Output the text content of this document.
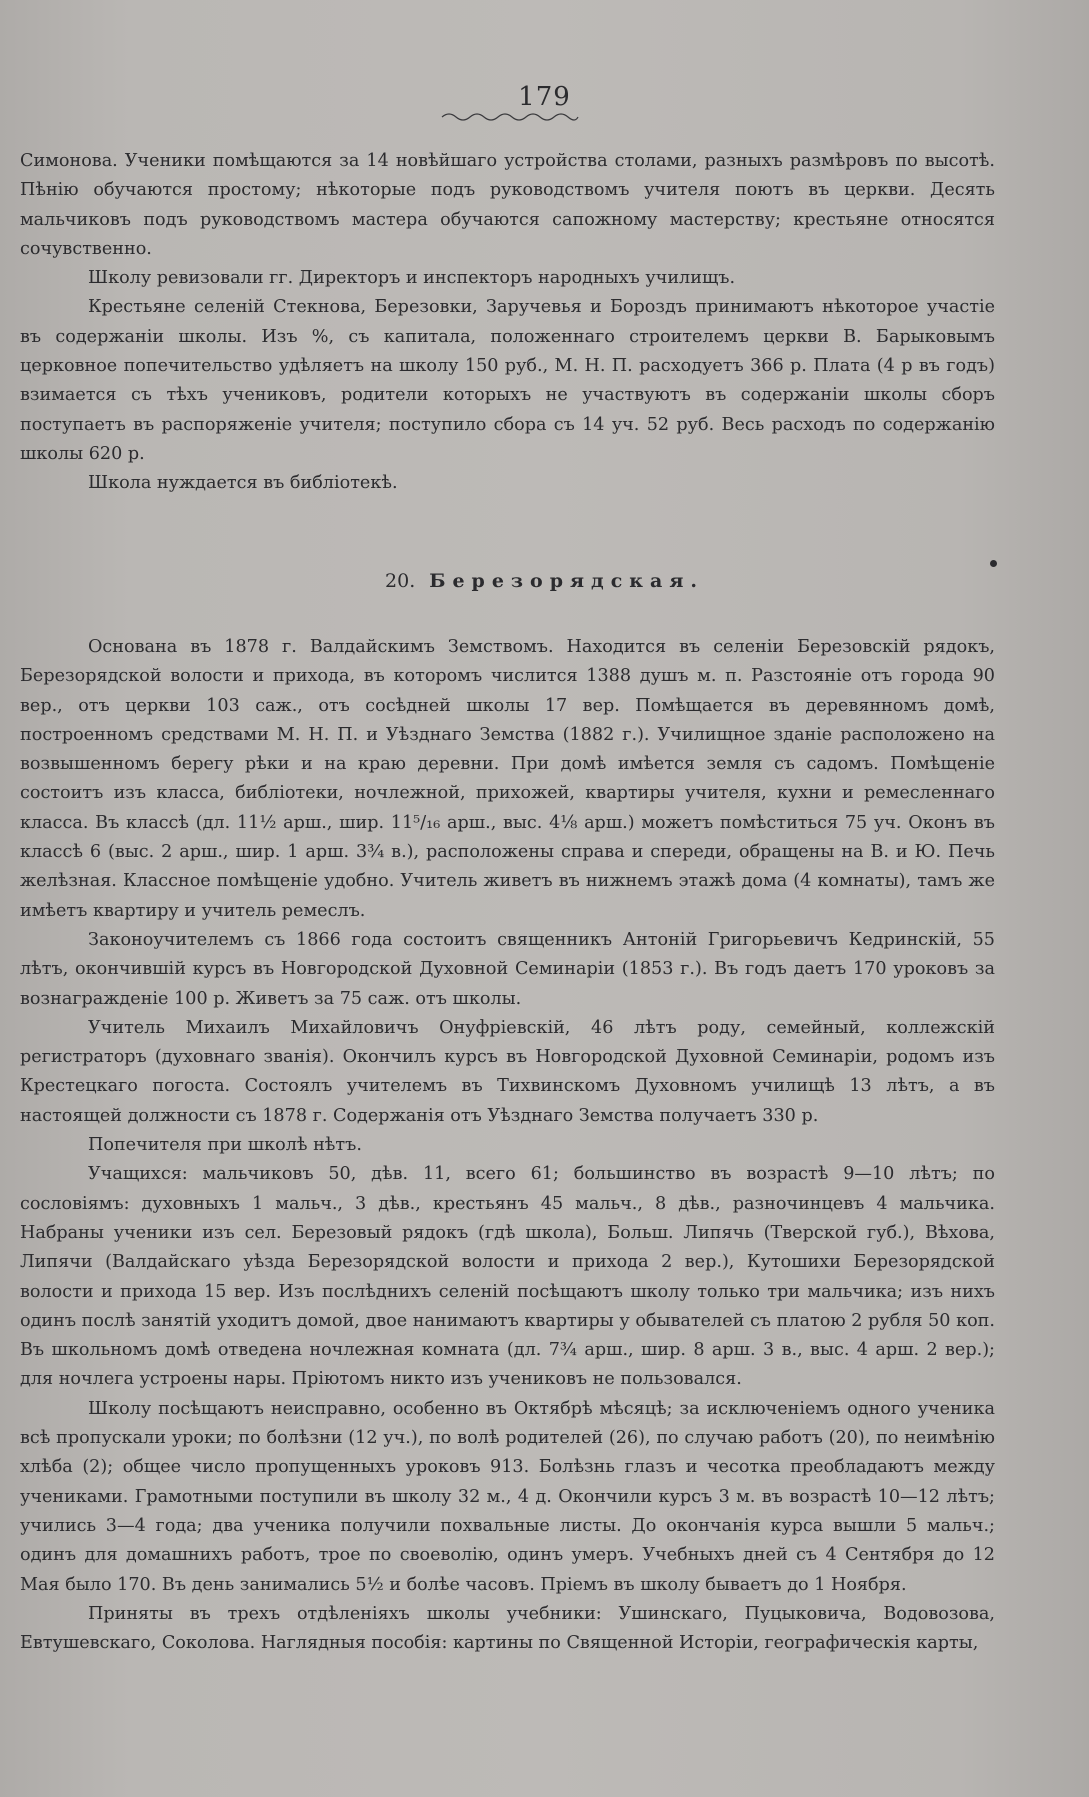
179

Симонова. Ученики помѣщаются за 14 новѣйшаго устройства столами, разныхъ размѣровъ по высотѣ. Пѣнію обучаются простому; нѣкоторые подъ руководствомъ учителя поютъ въ церкви. Десять мальчиковъ подъ руководствомъ мастера обучаются сапожному мастерству; крестьяне относятся сочувственно.

Школу ревизовали гг. Директоръ и инспекторъ народныхъ училищъ.

Крестьяне селеній Стекнова, Березовки, Заручевья и Бороздъ принимаютъ нѣкоторое участіе въ содержаніи школы. Изъ %, съ капитала, положеннаго строителемъ церкви В. Барыковымъ церковное попечительство удѣляетъ на школу 150 руб., М. Н. П. расходуетъ 366 р. Плата (4 р въ годъ) взимается съ тѣхъ учениковъ, родители которыхъ не участвуютъ въ содержаніи школы сборъ поступаетъ въ распоряженіе учителя; поступило сбора съ 14 уч. 52 руб. Весь расходъ по содержанію школы 620 р.

Школа нуждается въ библіотекѣ.

20. Березорядская.

Основана въ 1878 г. Валдайскимъ Земствомъ. Находится въ селеніи Березовскій рядокъ, Березорядской волости и прихода, въ которомъ числится 1388 душъ м. п. Разстояніе отъ города 90 вер., отъ церкви 103 саж., отъ сосѣдней школы 17 вер. Помѣщается въ деревянномъ домѣ, построенномъ средствами М. Н. П. и Уѣзднаго Земства (1882 г.). Училищное зданіе расположено на возвышенномъ берегу рѣки и на краю деревни. При домѣ имѣется земля съ садомъ. Помѣщеніе состоитъ изъ класса, библіотеки, ночлежной, прихожей, квартиры учителя, кухни и ремесленнаго класса. Въ классѣ (дл. 11½ арш., шир. 11⁵/₁₆ арш., выс. 4⅛ арш.) можетъ помѣститься 75 уч. Оконъ въ классѣ 6 (выс. 2 арш., шир. 1 арш. 3¾ в.), расположены справа и спереди, обращены на В. и Ю. Печь желѣзная. Классное помѣщеніе удобно. Учитель живетъ въ нижнемъ этажѣ дома (4 комнаты), тамъ же имѣетъ квартиру и учитель ремеслъ.

Законоучителемъ съ 1866 года состоитъ священникъ Антоній Григорьевичъ Кедринскій, 55 лѣтъ, окончившій курсъ въ Новгородской Духовной Семинаріи (1853 г.). Въ годъ даетъ 170 уроковъ за вознагражденіе 100 р. Живетъ за 75 саж. отъ школы.

Учитель Михаилъ Михайловичъ Онуфріевскій, 46 лѣтъ роду, семейный, коллежскій регистраторъ (духовнаго званія). Окончилъ курсъ въ Новгородской Духовной Семинаріи, родомъ изъ Крестецкаго погоста. Состоялъ учителемъ въ Тихвинскомъ Духовномъ училищѣ 13 лѣтъ, а въ настоящей должности съ 1878 г. Содержанія отъ Уѣзднаго Земства получаетъ 330 р.

Попечителя при школѣ нѣтъ.

Учащихся: мальчиковъ 50, дѣв. 11, всего 61; большинство въ возрастѣ 9—10 лѣтъ; по сословіямъ: духовныхъ 1 мальч., 3 дѣв., крестьянъ 45 мальч., 8 дѣв., разночинцевъ 4 мальчика. Набраны ученики изъ сел. Березовый рядокъ (гдѣ школа), Больш. Липячь (Тверской губ.), Вѣхова, Липячи (Валдайскаго уѣзда Березорядской волости и прихода 2 вер.), Кутошихи Березорядской волости и прихода 15 вер. Изъ послѣднихъ селеній посѣщаютъ школу только три мальчика; изъ нихъ одинъ послѣ занятій уходитъ домой, двое нанимаютъ квартиры у обывателей съ платою 2 рубля 50 коп. Въ школьномъ домѣ отведена ночлежная комната (дл. 7¾ арш., шир. 8 арш. 3 в., выс. 4 арш. 2 вер.); для ночлега устроены нары. Пріютомъ никто изъ учениковъ не пользовался.

Школу посѣщаютъ неисправно, особенно въ Октябрѣ мѣсяцѣ; за исключеніемъ одного ученика всѣ пропускали уроки; по болѣзни (12 уч.), по волѣ родителей (26), по случаю работъ (20), по неимѣнію хлѣба (2); общее число пропущенныхъ уроковъ 913. Болѣзнь глазъ и чесотка преобладаютъ между учениками. Грамотными поступили въ школу 32 м., 4 д. Окончили курсъ 3 м. въ возрастѣ 10—12 лѣтъ; учились 3—4 года; два ученика получили похвальные листы. До окончанія курса вышли 5 мальч.; одинъ для домашнихъ работъ, трое по своеволію, одинъ умеръ. Учебныхъ дней съ 4 Сентября до 12 Мая было 170. Въ день занимались 5½ и болѣе часовъ. Пріемъ въ школу бываетъ до 1 Ноября.

Приняты въ трехъ отдѣленіяхъ школы учебники: Ушинскаго, Пуцыковича, Водовозова, Евтушевскаго, Соколова. Наглядныя пособія: картины по Священной Исторіи, географическія карты,
